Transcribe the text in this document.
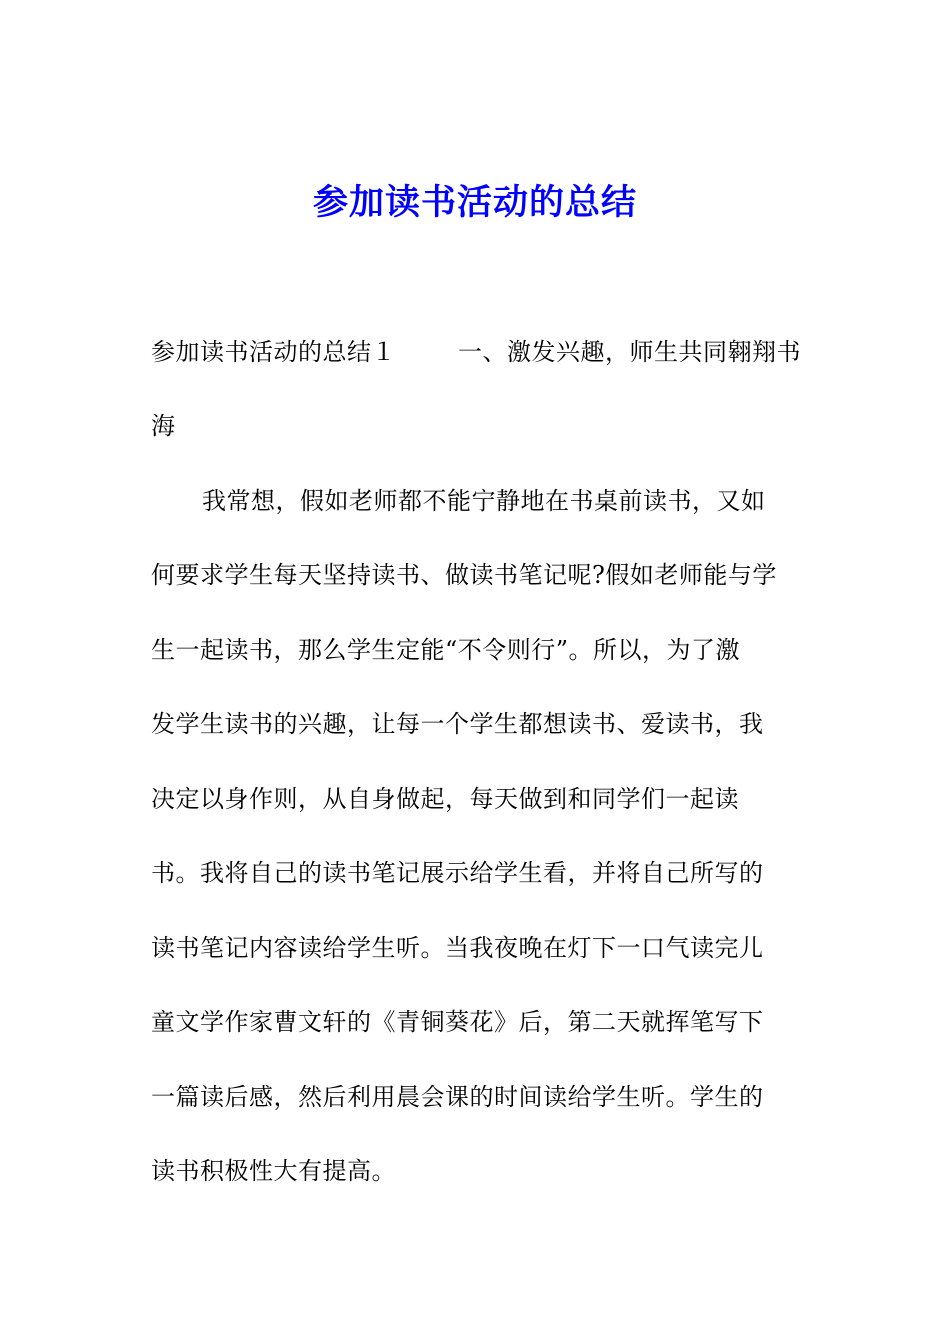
参加读书活动的总结
参加读书活动的总结１	一、激发兴趣，师生共同翱翔书
海
我常想，假如老师都不能宁静地在书桌前读书，又如
何要求学生每天坚持读书、做读书笔记呢?假如老师能与学
生一起读书，那么学生定能“不令则行”。所以，为了激
发学生读书的兴趣，让每一个学生都想读书、爱读书，我
决定以身作则，从自身做起，每天做到和同学们一起读
书。我将自己的读书笔记展示给学生看，并将自己所写的
读书笔记内容读给学生听。当我夜晚在灯下一口气读完儿
童文学作家曹文轩的《青铜葵花》后，第二天就挥笔写下
一篇读后感，然后利用晨会课的时间读给学生听。学生的
读书积极性大有提高。
